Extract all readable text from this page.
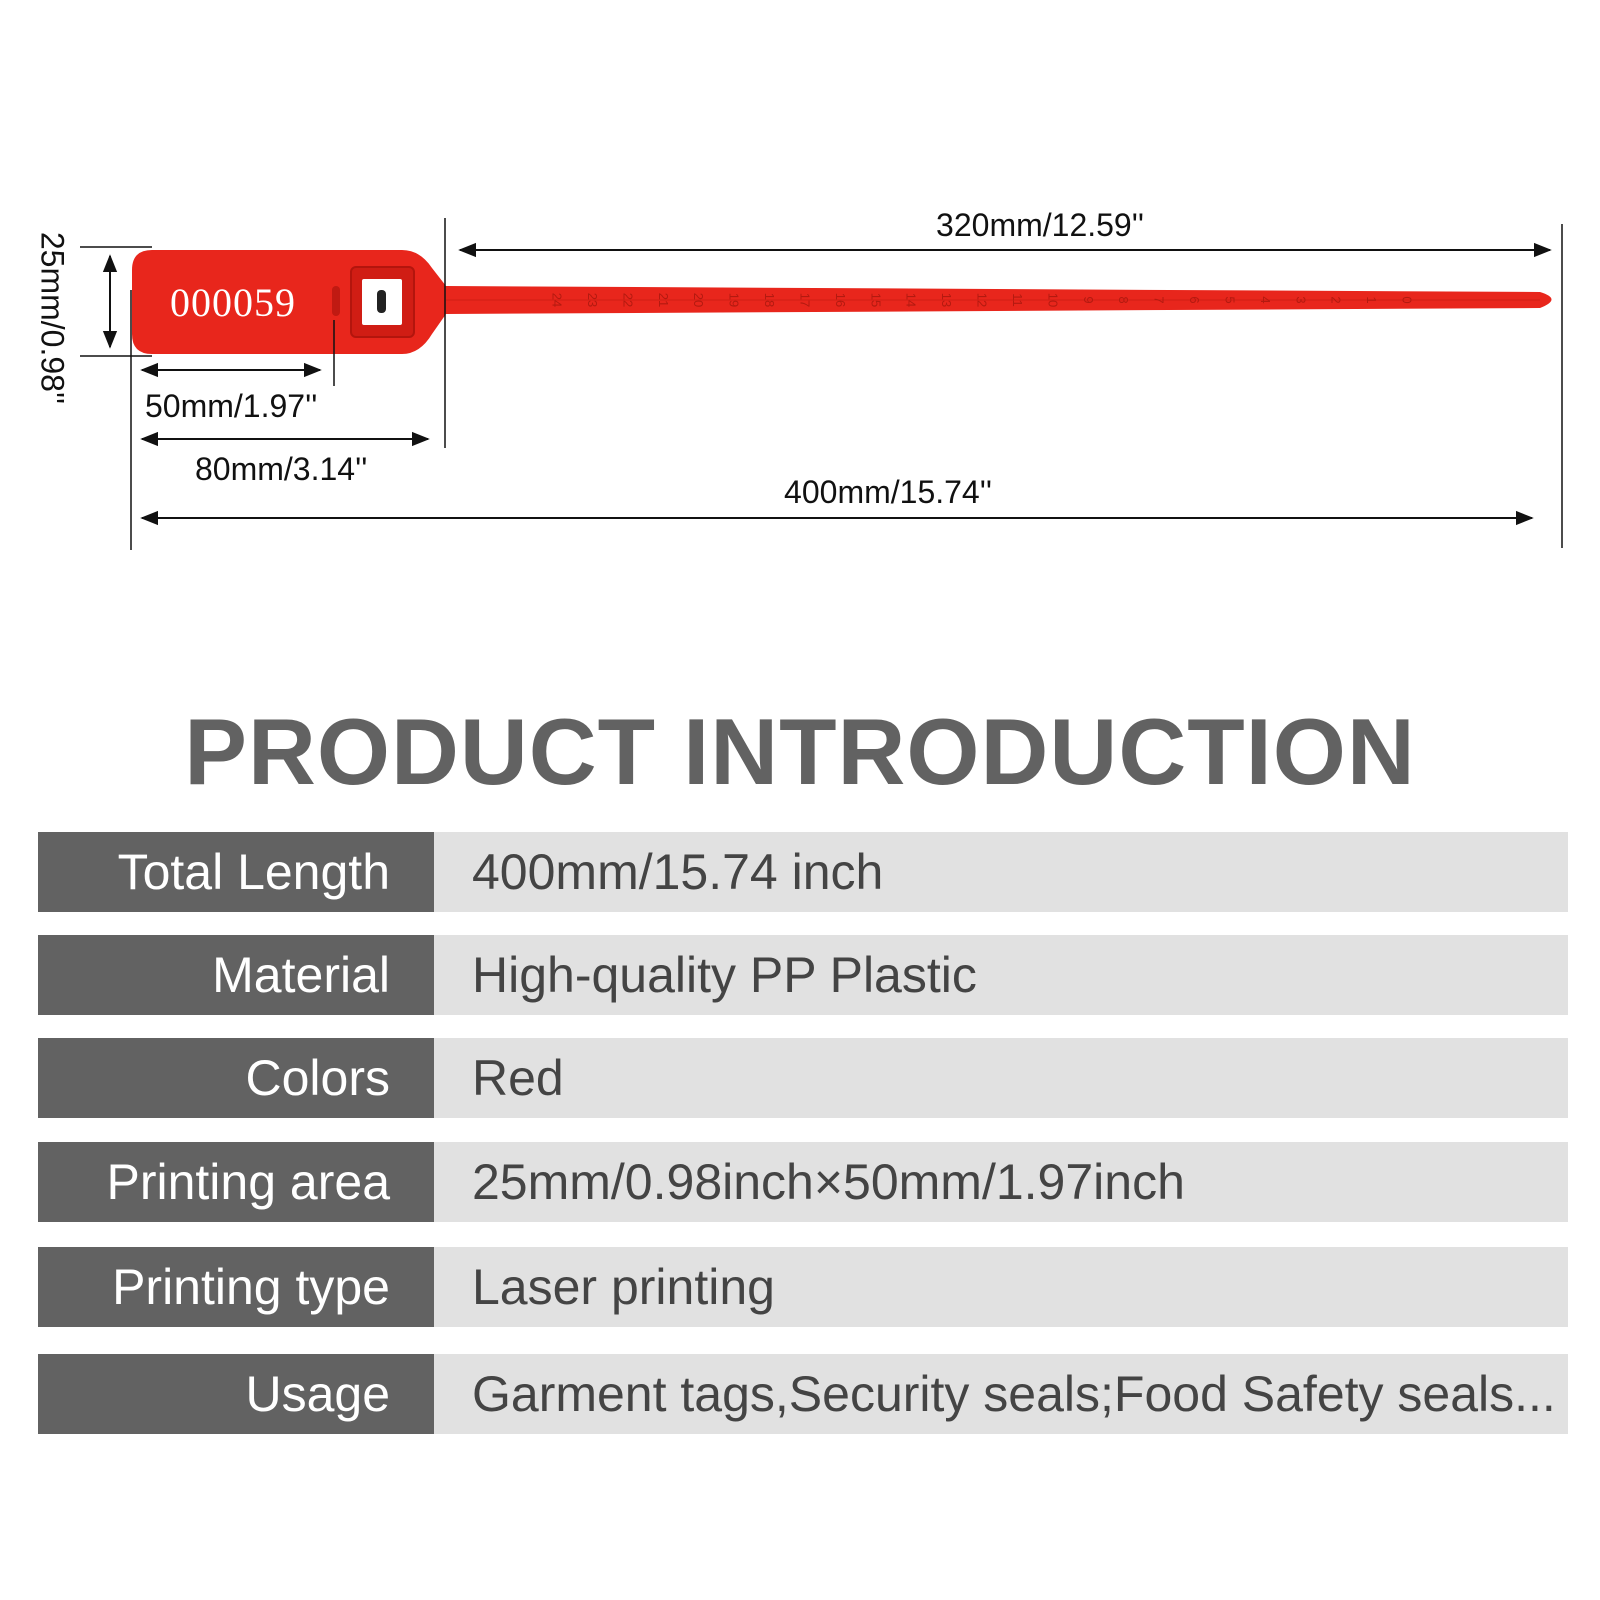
000059	24 23 22 21 20 19 18 17 16 15 14 13 12 11 10 9 8 7 6 5 4 3 2 1 0
320mm/12.59''
25mm/0.98''
50mm/1.97''
80mm/3.14''
400mm/15.74''
PRODUCT INTRODUCTION
Total Length	400mm/15.74 inch
Material	High-quality PP Plastic
Colors	Red
Printing area	25mm/0.98inch×50mm/1.97inch
Printing type	Laser printing
Usage	Garment tags,Security seals;Food Safety seals...
